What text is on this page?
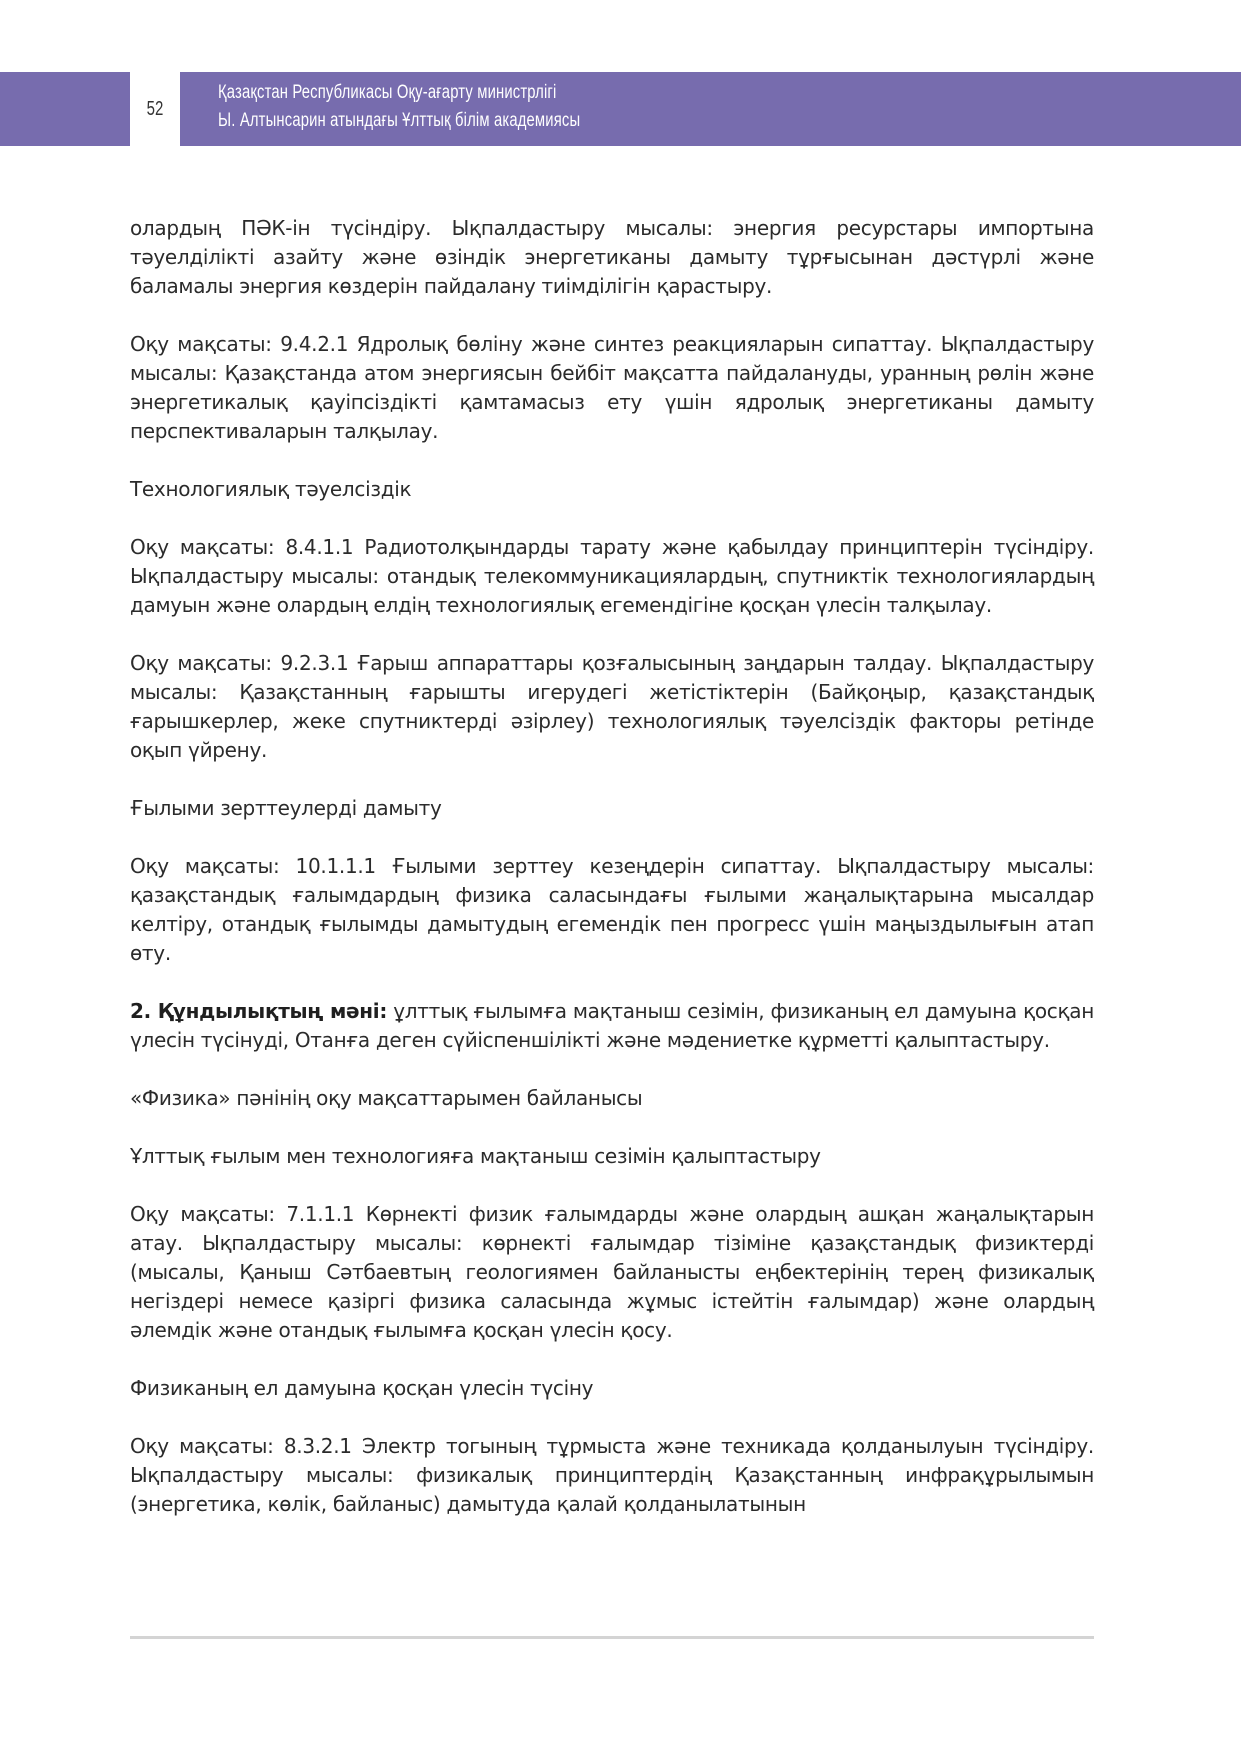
52
Қазақстан Республикасы Оқу-ағарту министрлігі
Ы. Алтынсарин атындағы Ұлттық білім академиясы

олардың ПӘК-ін түсіндіру. Ықпалдастыру мысалы: энергия ресурстары импортына тәуелділікті азайту және өзіндік энергетиканы дамыту тұрғысынан дәстүрлі және баламалы энергия көздерін пайдалану тиімділігін қарастыру.

Оқу мақсаты: 9.4.2.1 Ядролық бөліну және синтез реакцияларын сипаттау. Ықпалдастыру мысалы: Қазақстанда атом энергиясын бейбіт мақсатта пайдалануды, уранның рөлін және энергетикалық қауіпсіздікті қамтамасыз ету үшін ядролық энергетиканы дамыту перспективаларын талқылау.

Технологиялық тәуелсіздік

Оқу мақсаты: 8.4.1.1 Радиотолқындарды тарату және қабылдау принциптерін түсіндіру. Ықпалдастыру мысалы: отандық телекоммуникациялардың, спутниктік технологиялардың дамуын және олардың елдің технологиялық егемендігіне қосқан үлесін талқылау.

Оқу мақсаты: 9.2.3.1 Ғарыш аппараттары қозғалысының заңдарын талдау. Ықпалдастыру мысалы: Қазақстанның ғарышты игерудегі жетістіктерін (Байқоңыр, қазақстандық ғарышкерлер, жеке спутниктерді әзірлеу) технологиялық тәуелсіздік факторы ретінде оқып үйрену.

Ғылыми зерттеулерді дамыту

Оқу мақсаты: 10.1.1.1 Ғылыми зерттеу кезеңдерін сипаттау. Ықпалдастыру мысалы: қазақстандық ғалымдардың физика саласындағы ғылыми жаңалықтарына мысалдар келтіру, отандық ғылымды дамытудың егемендік пен прогресс үшін маңыздылығын атап өту.

2. Құндылықтың мәні: ұлттық ғылымға мақтаныш сезімін, физиканың ел дамуына қосқан үлесін түсінуді, Отанға деген сүйіспеншілікті және мәдениетке құрметті қалыптастыру.

«Физика» пәнінің оқу мақсаттарымен байланысы

Ұлттық ғылым мен технологияға мақтаныш сезімін қалыптастыру

Оқу мақсаты: 7.1.1.1 Көрнекті физик ғалымдарды және олардың ашқан жаңалықтарын атау. Ықпалдастыру мысалы: көрнекті ғалымдар тізіміне қазақстандық физиктерді (мысалы, Қаныш Сәтбаевтың геологиямен байланысты еңбектерінің терең физикалық негіздері немесе қазіргі физика саласында жұмыс істейтін ғалымдар) және олардың әлемдік және отандық ғылымға қосқан үлесін қосу.

Физиканың ел дамуына қосқан үлесін түсіну

Оқу мақсаты: 8.3.2.1 Электр тогының тұрмыста және техникада қолданылуын түсіндіру. Ықпалдастыру мысалы: физикалық принциптердің Қазақстанның инфрақұрылымын (энергетика, көлік, байланыс) дамытуда қалай қолданылатынын
